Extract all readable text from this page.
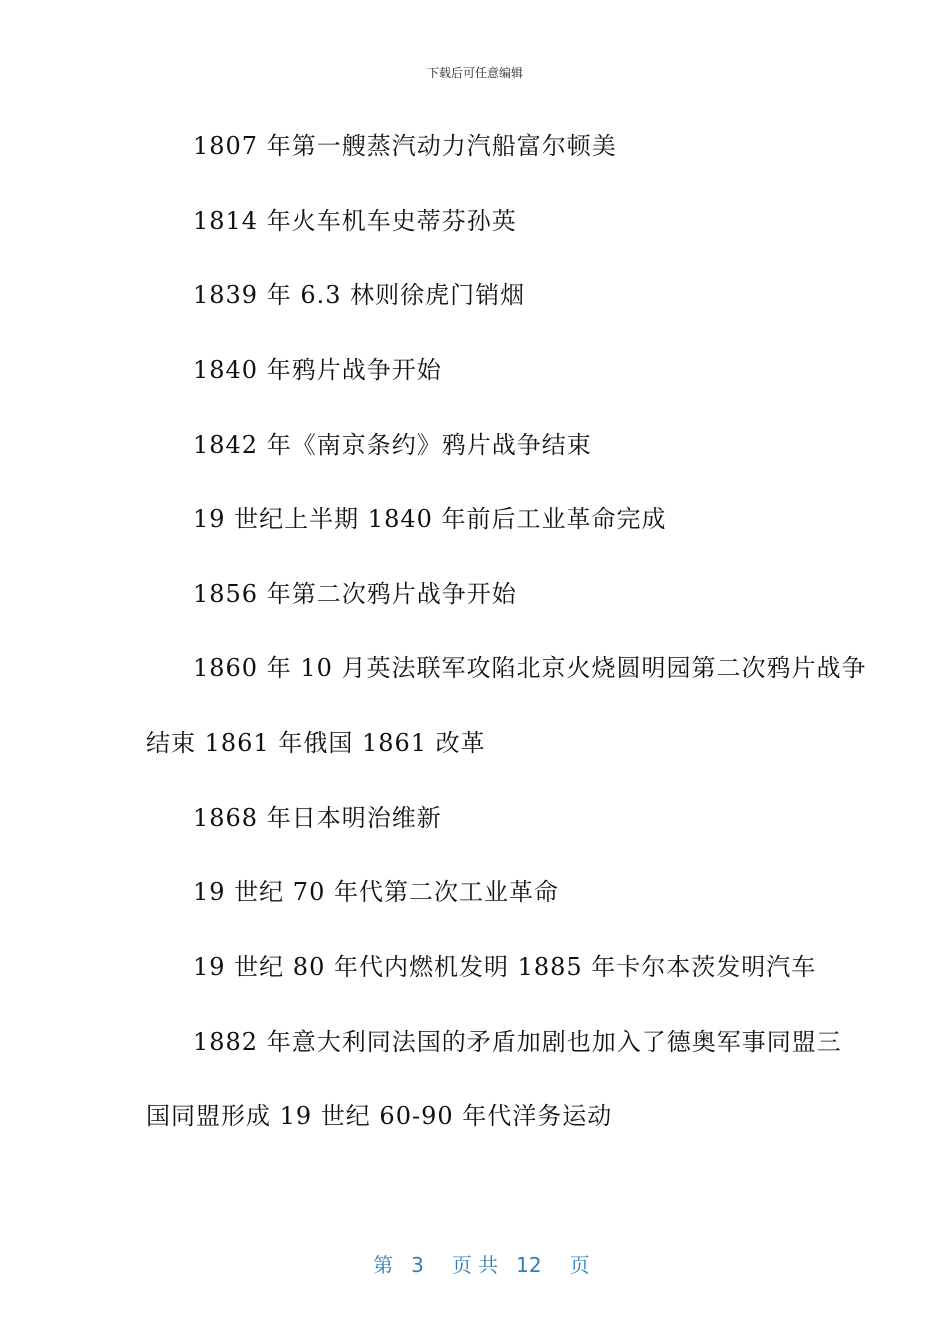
下载后可任意编辑
1807 年第一艘蒸汽动力汽船富尔顿美
1814 年火车机车史蒂芬孙英
1839 年 6.3 林则徐虎门销烟
1840 年鸦片战争开始
1842 年《南京条约》鸦片战争结束
19 世纪上半期 1840 年前后工业革命完成
1856 年第二次鸦片战争开始
1860 年 10 月英法联军攻陷北京火烧圆明园第二次鸦片战争
结束 1861 年俄国 1861 改革
1868 年日本明治维新
19 世纪 70 年代第二次工业革命
19 世纪 80 年代内燃机发明 1885 年卡尔本茨发明汽车
1882 年意大利同法国的矛盾加剧也加入了德奥军事同盟三
国同盟形成 19 世纪 60-90 年代洋务运动

第 3 页 共 12 页
